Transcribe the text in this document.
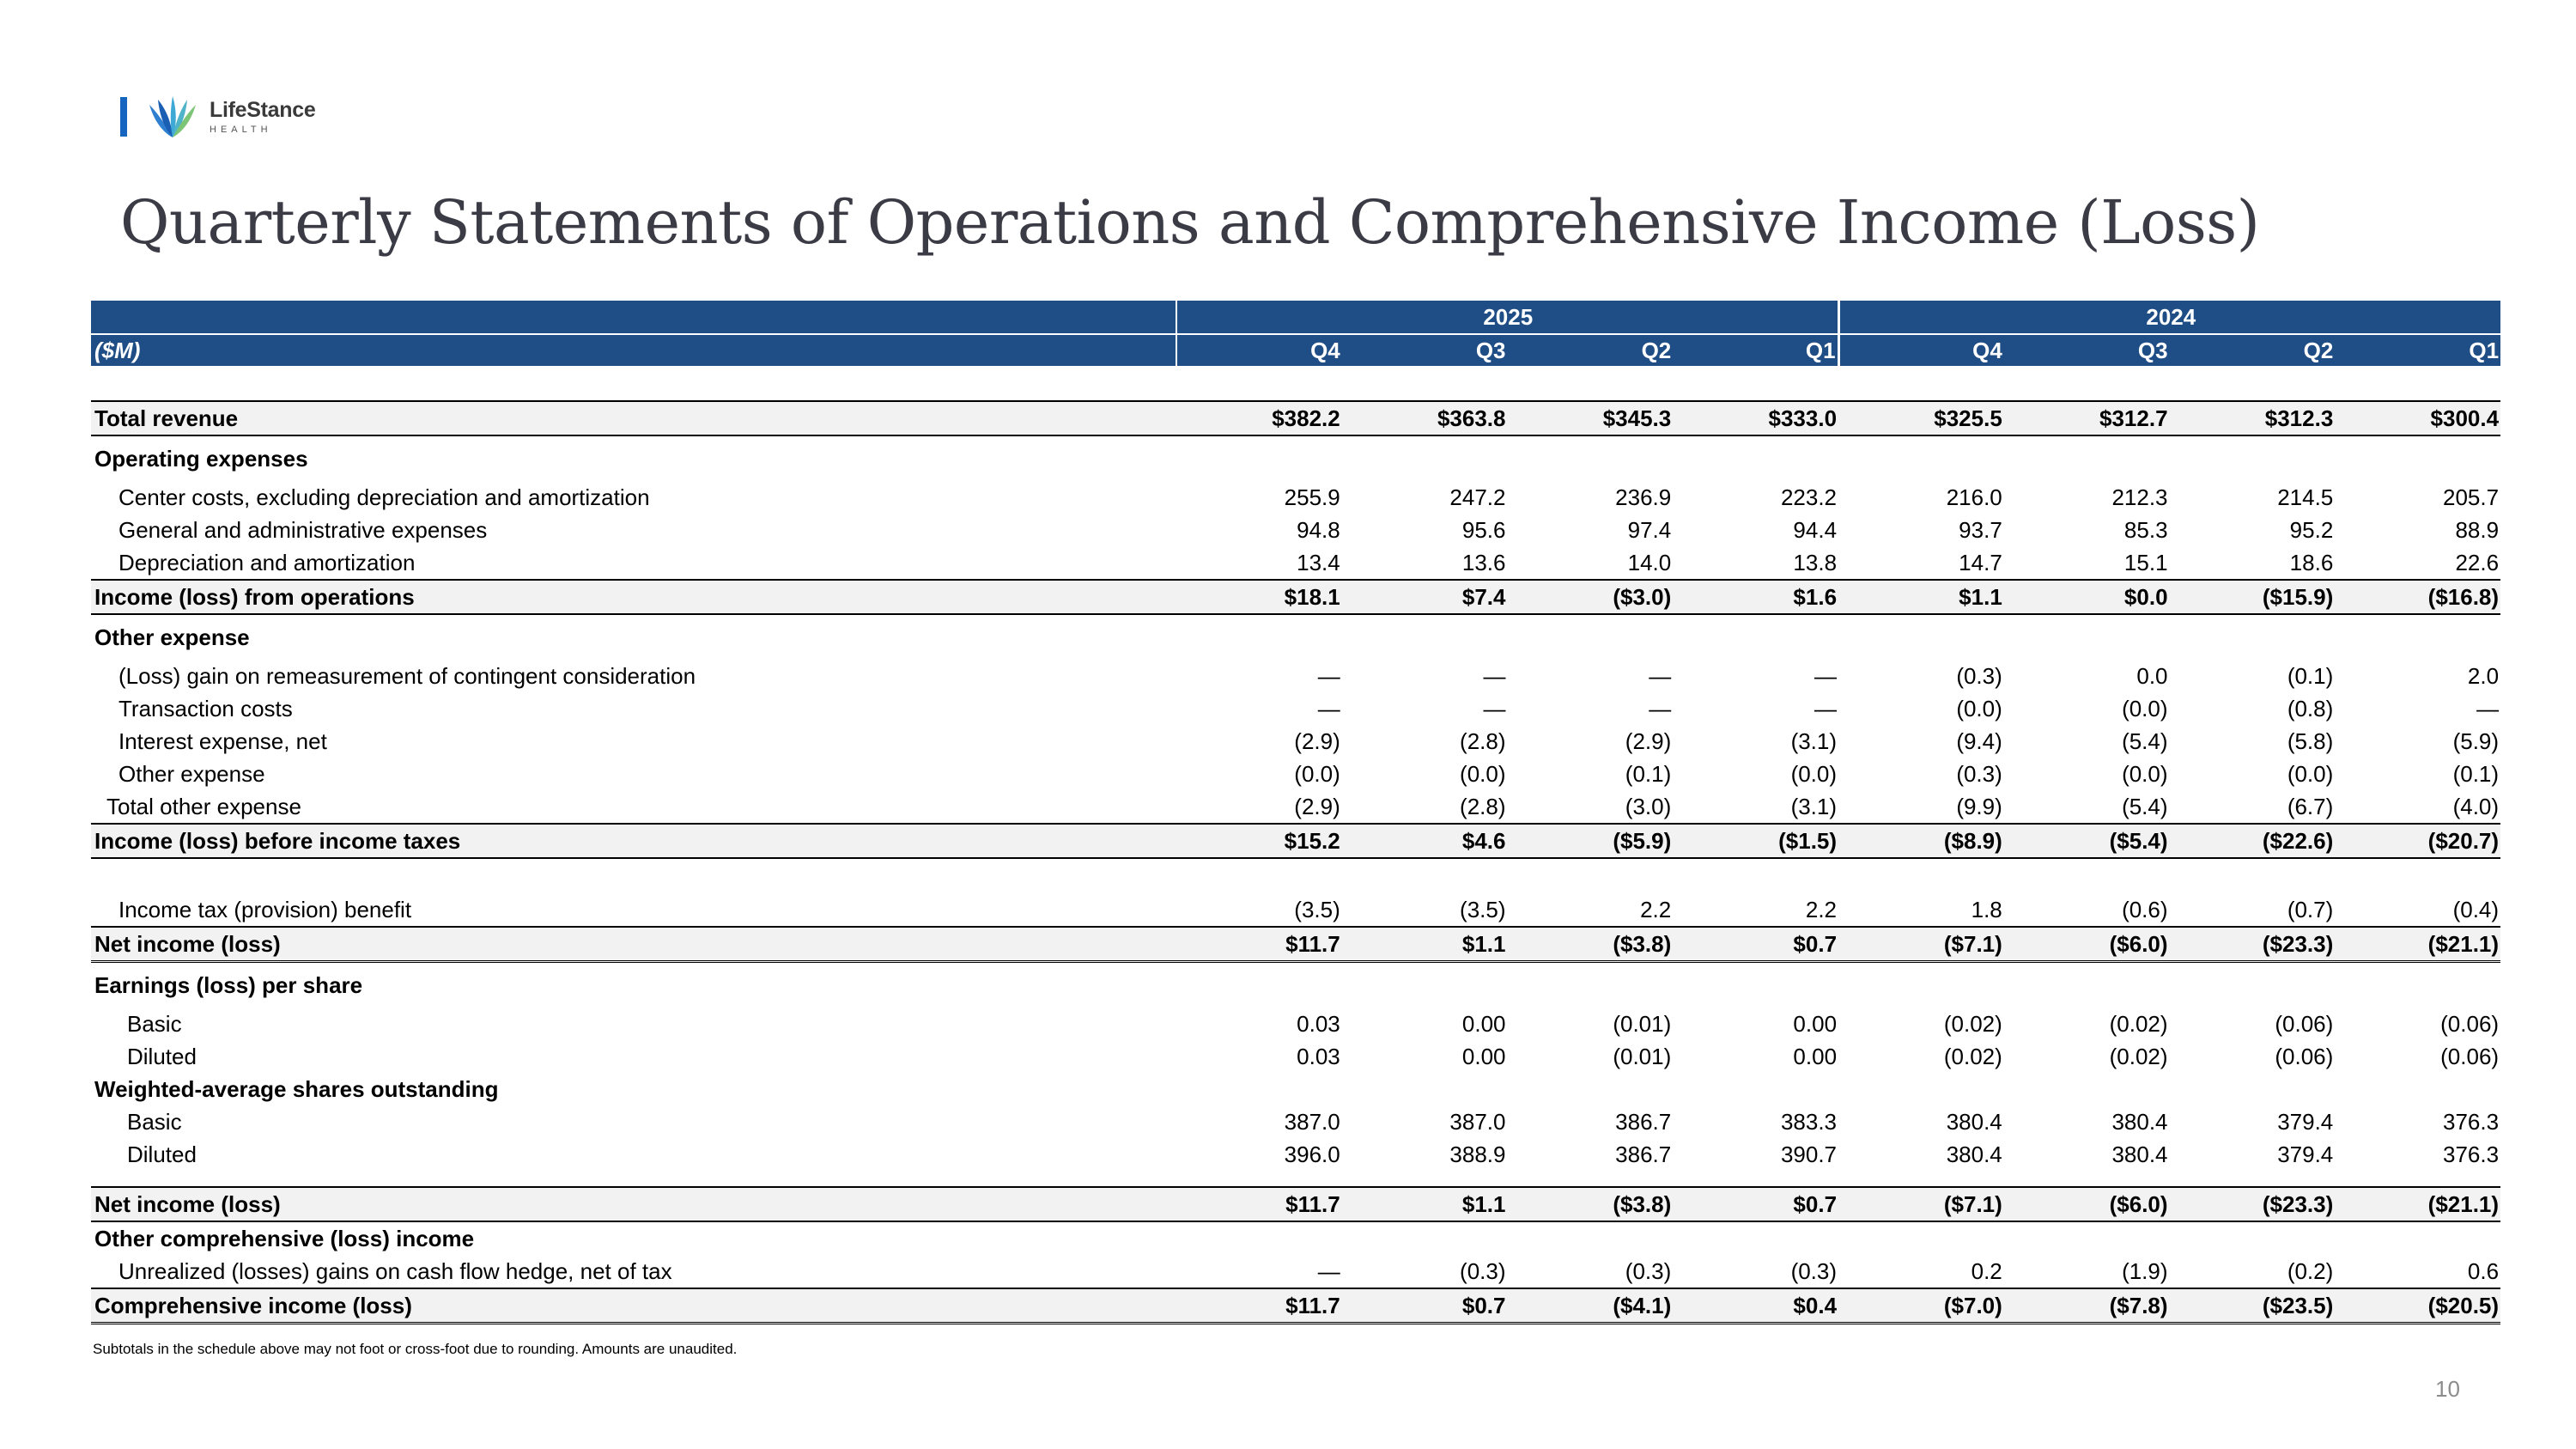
LifeStance
HEALTH
Quarterly Statements of Operations and Comprehensive Income (Loss)
	2025				2024			
($M)	Q4	Q3	Q2	Q1	Q4	Q3	Q2	Q1

Total revenue	$382.2	$363.8	$345.3	$333.0	$325.5	$312.7	$312.3	$300.4
Operating expenses								
Center costs, excluding depreciation and amortization	255.9	247.2	236.9	223.2	216.0	212.3	214.5	205.7
General and administrative expenses	94.8	95.6	97.4	94.4	93.7	85.3	95.2	88.9
Depreciation and amortization	13.4	13.6	14.0	13.8	14.7	15.1	18.6	22.6
Income (loss) from operations	$18.1	$7.4	($3.0)	$1.6	$1.1	$0.0	($15.9)	($16.8)
Other expense								
(Loss) gain on remeasurement of contingent consideration	—	—	—	—	(0.3)	0.0	(0.1)	2.0
Transaction costs	—	—	—	—	(0.0)	(0.0)	(0.8)	—
Interest expense, net	(2.9)	(2.8)	(2.9)	(3.1)	(9.4)	(5.4)	(5.8)	(5.9)
Other expense	(0.0)	(0.0)	(0.1)	(0.0)	(0.3)	(0.0)	(0.0)	(0.1)
Total other expense	(2.9)	(2.8)	(3.0)	(3.1)	(9.9)	(5.4)	(6.7)	(4.0)
Income (loss) before income taxes	$15.2	$4.6	($5.9)	($1.5)	($8.9)	($5.4)	($22.6)	($20.7)

Income tax (provision) benefit	(3.5)	(3.5)	2.2	2.2	1.8	(0.6)	(0.7)	(0.4)
Net income (loss)	$11.7	$1.1	($3.8)	$0.7	($7.1)	($6.0)	($23.3)	($21.1)
Earnings (loss) per share								
Basic	0.03	0.00	(0.01)	0.00	(0.02)	(0.02)	(0.06)	(0.06)
Diluted	0.03	0.00	(0.01)	0.00	(0.02)	(0.02)	(0.06)	(0.06)
Weighted-average shares outstanding								
Basic	387.0	387.0	386.7	383.3	380.4	380.4	379.4	376.3
Diluted	396.0	388.9	386.7	390.7	380.4	380.4	379.4	376.3

Net income (loss)	$11.7	$1.1	($3.8)	$0.7	($7.1)	($6.0)	($23.3)	($21.1)
Other comprehensive (loss) income								
Unrealized (losses) gains on cash flow hedge, net of tax	—	(0.3)	(0.3)	(0.3)	0.2	(1.9)	(0.2)	0.6
Comprehensive income (loss)	$11.7	$0.7	($4.1)	$0.4	($7.0)	($7.8)	($23.5)	($20.5)
Subtotals in the schedule above may not foot or cross-foot due to rounding. Amounts are unaudited.
10
